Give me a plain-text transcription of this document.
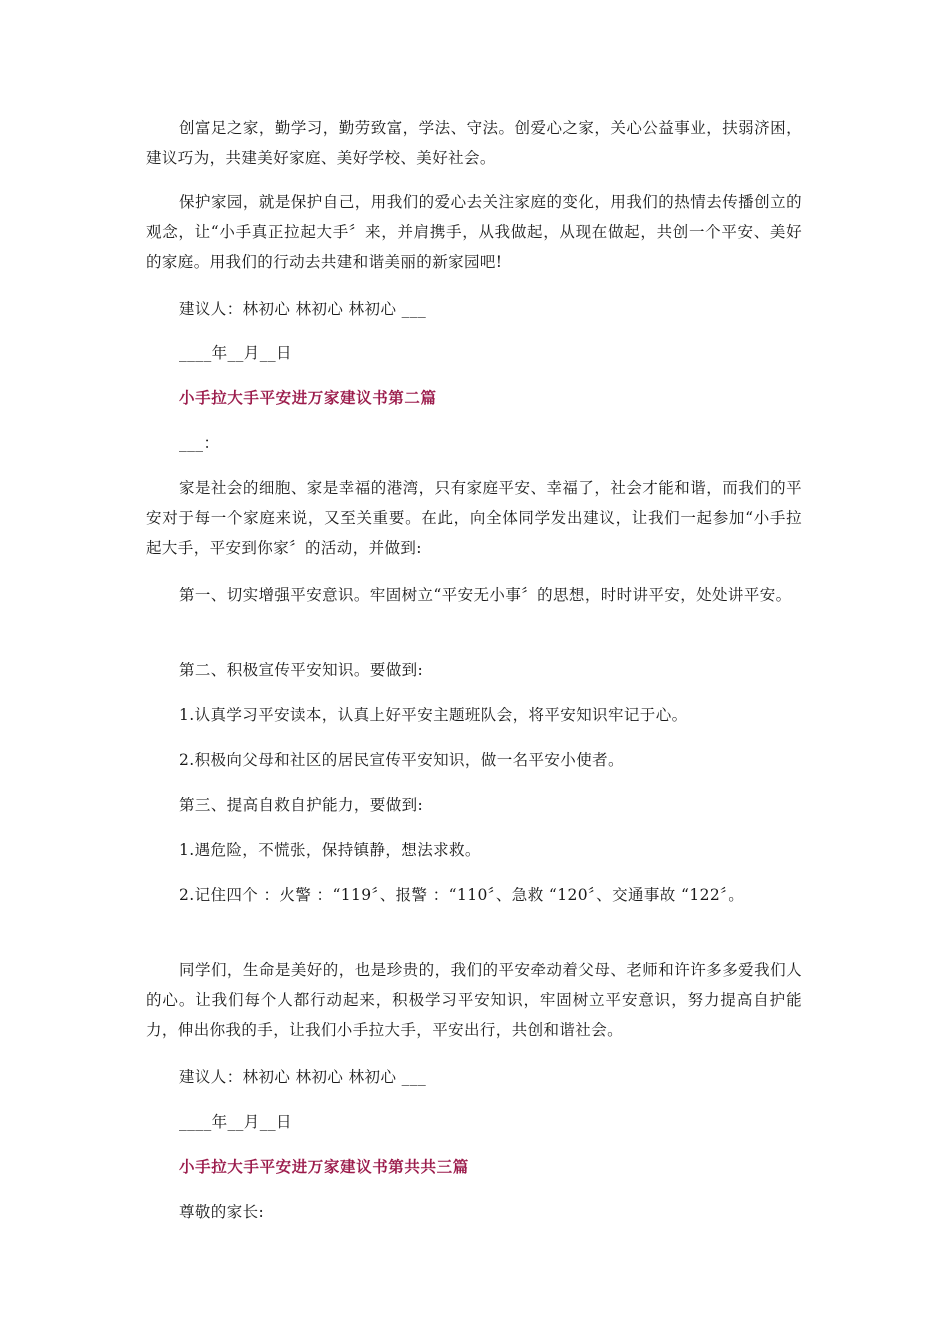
创富足之家，勤学习，勤劳致富，学法、守法。创爱心之家，关心公益事业，扶弱济困，建议巧为，共建美好家庭、美好学校、美好社会。

保护家园，就是保护自己，用我们的爱心去关注家庭的变化，用我们的热情去传播创立的观念，让“小手真正拉起大手〞来，并肩携手，从我做起，从现在做起，共创一个平安、美好的家庭。用我们的行动去共建和谐美丽的新家园吧!

建议人：林初心 林初心 林初心 ___

____年__月__日

小手拉大手平安进万家建议书第二篇

___：

家是社会的细胞、家是幸福的港湾，只有家庭平安、幸福了，社会才能和谐，而我们的平安对于每一个家庭来说，又至关重要。在此，向全体同学发出建议，让我们一起参加“小手拉起大手，平安到你家〞的活动，并做到:

第一、切实增强平安意识。牢固树立“平安无小事〞的思想，时时讲平安，处处讲平安。

第二、积极宣传平安知识。要做到:

1.认真学习平安读本，认真上好平安主题班队会，将平安知识牢记于心。

2.积极向父母和社区的居民宣传平安知识，做一名平安小使者。

第三、提高自救自护能力，要做到:

1.遇危险，不慌张，保持镇静，想法求救。

2.记住四个 ：火警 ：“119〞、报警 ：“110〞、急救 “120〞、交通事故 “122〞。

同学们，生命是美好的，也是珍贵的，我们的平安牵动着父母、老师和许许多多爱我们人的心。让我们每个人都行动起来，积极学习平安知识，牢固树立平安意识，努力提高自护能力，伸出你我的手，让我们小手拉大手，平安出行，共创和谐社会。

建议人：林初心 林初心 林初心 ___

____年__月__日

小手拉大手平安进万家建议书第共共三篇

尊敬的家长:
